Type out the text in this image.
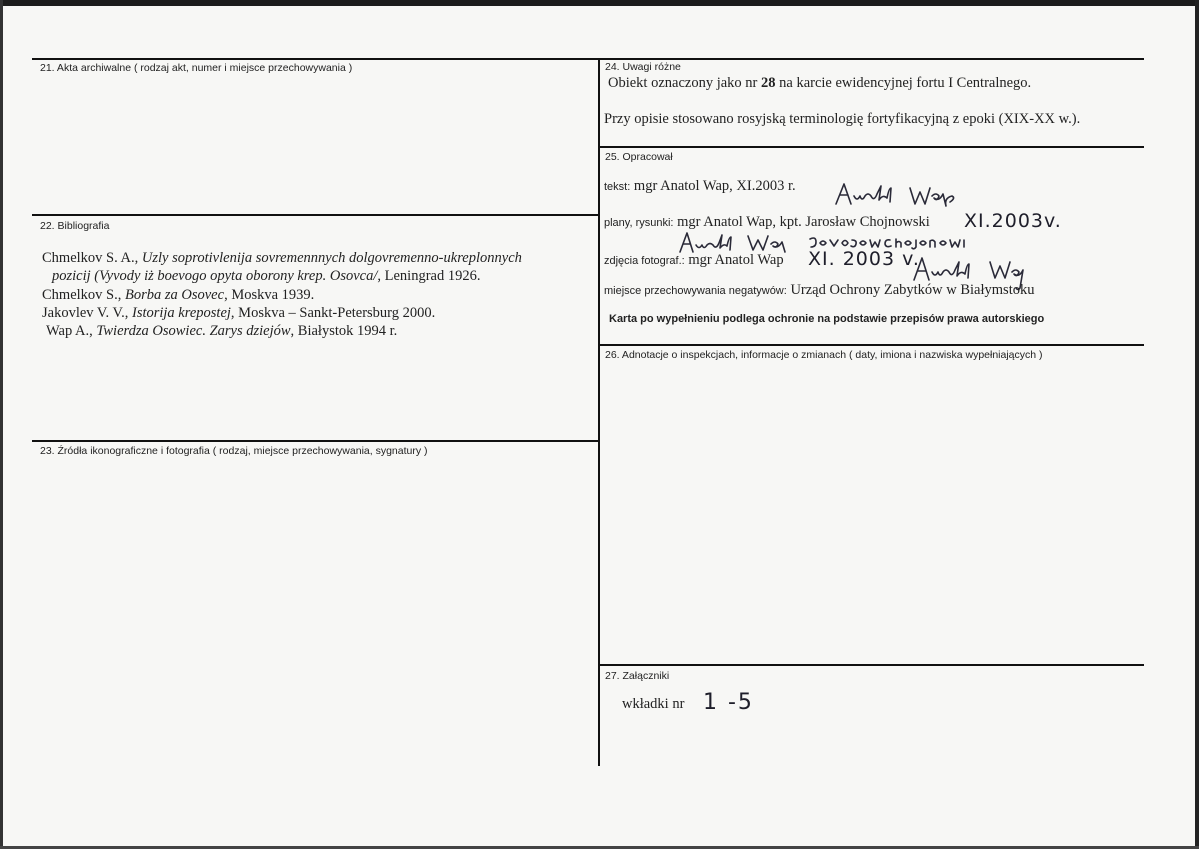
21. Akta archiwalne ( rodzaj akt, numer i miejsce przechowywania )
22. Bibliografia
Chmelkov S. A., Uzly soprotivlenija sovremennnych dolgovremenno-ukreplonnych
pozicij (Vyvody iż boevogo opyta oborony krep. Osovca/, Leningrad 1926.
Chmelkov S., Borba za Osovec, Moskva 1939.
Jakovlev V. V., Istorija krepostej, Moskva – Sankt-Petersburg 2000.
Wap A., Twierdza Osowiec. Zarys dziejów, Białystok 1994 r.
23. Źródła ikonograficzne i fotografia ( rodzaj, miejsce przechowywania, sygnatury )
24. Uwagi różne
Obiekt oznaczony jako nr 28 na karcie ewidencyjnej fortu I Centralnego.
Przy opisie stosowano rosyjską terminologię fortyfikacyjną z epoki (XIX-XX w.).
25. Opracował
tekst: mgr Anatol Wap, XI.2003 r.
plany, rysunki: mgr Anatol Wap, kpt. Jarosław Chojnowski XI.2003v.
zdjęcia fotograf.: mgr Anatol Wap XI. 2003 v.
miejsce przechowywania negatywów: Urząd Ochrony Zabytków w Białymstoku
Karta po wypełnieniu podlega ochronie na podstawie przepisów prawa autorskiego
26. Adnotacje o inspekcjach, informacje o zmianach ( daty, imiona i nazwiska wypełniających )
27. Załączniki
wkładki nr 1 -5
